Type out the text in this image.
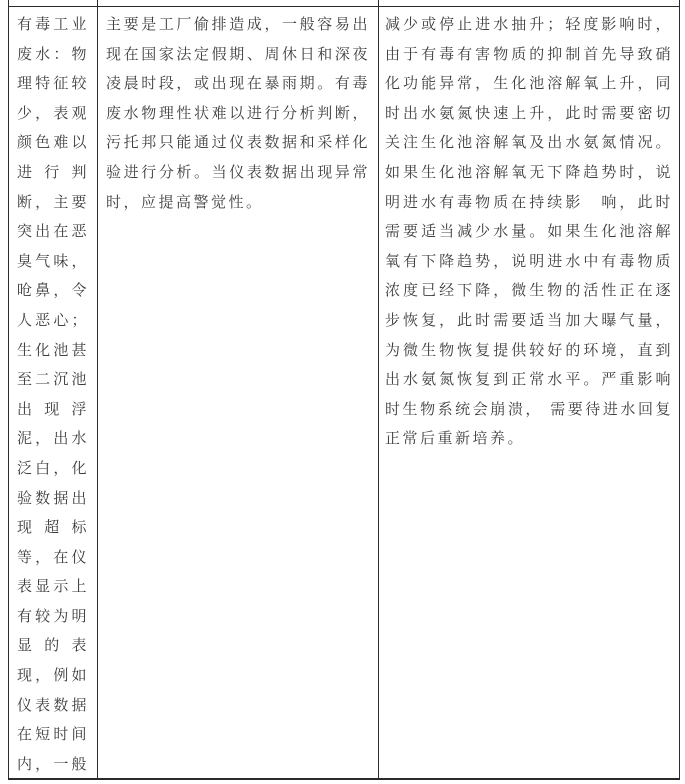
有毒工业废水：物理特征较少，表观颜色难以进行判断，主要突出在恶臭气味，呛鼻，令人恶心；生化池甚至二沉池出现浮泥，出水泛白，化验数据出现超标等，在仪表显示上有较为明显的表现，例如仪表数据在短时间内，一般
主要是工厂偷排造成，一般容易出现在国家法定假期、周休日和深夜凌晨时段，或出现在暴雨期。有毒废水物理性状难以进行分析判断，污托邦只能通过仪表数据和采样化验进行分析。当仪表数据出现异常时，应提高警觉性。
减少或停止进水抽升；轻度影响时，由于有毒有害物质的抑制首先导致硝化功能异常，生化池溶解氧上升，同时出水氨氮快速上升，此时需要密切关注生化池溶解氧及出水氨氮情况。如果生化池溶解氧无下降趋势时，说明进水有毒物质在持续影　响，此时需要适当减少水量。如果生化池溶解氧有下降趋势，说明进水中有毒物质浓度已经下降，微生物的活性正在逐步恢复，此时需要适当加大曝气量，为微生物恢复提供较好的环境，直到出水氨氮恢复到正常水平。严重影响时生物系统会崩溃， 需要待进水回复正常后重新培养。
